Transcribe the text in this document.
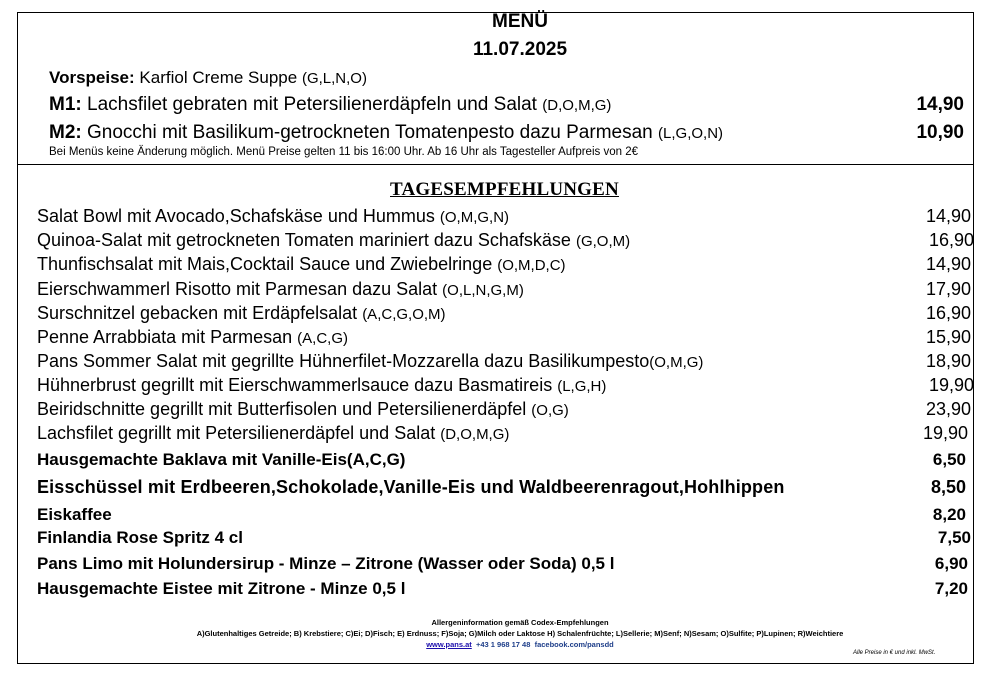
MENÜ
11.07.2025
Vorspeise: Karfiol Creme Suppe (G,L,N,O)
M1: Lachsfilet gebraten mit Petersilienerdäpfeln und Salat (D,O,M,G)	14,90
M2: Gnocchi mit Basilikum-getrockneten Tomatenpesto dazu Parmesan (L,G,O,N)	10,90
Bei Menüs keine Änderung möglich. Menü Preise gelten 11 bis 16:00 Uhr. Ab 16 Uhr als Tagesteller Aufpreis von 2€
TAGESEMPFEHLUNGEN
Salat Bowl mit Avocado,Schafskäse und Hummus (O,M,G,N)	14,90
Quinoa-Salat mit getrockneten Tomaten mariniert dazu Schafskäse (G,O,M)	16,90
Thunfischsalat mit Mais,Cocktail Sauce und Zwiebelringe (O,M,D,C)	14,90
Eierschwammerl Risotto mit Parmesan dazu Salat (O,L,N,G,M)	17,90
Surschnitzel gebacken mit Erdäpfelsalat (A,C,G,O,M)	16,90
Penne Arrabbiata mit Parmesan (A,C,G)	15,90
Pans Sommer Salat mit gegrillte Hühnerfilet-Mozzarella dazu Basilikumpesto(O,M,G)	18,90
Hühnerbrust gegrillt mit Eierschwammerlsauce dazu Basmatireis (L,G,H)	19,90
Beiridschnitte gegrillt mit Butterfisolen und Petersilienerdäpfel (O,G)	23,90
Lachsfilet gegrillt mit Petersilienerdäpfel und Salat (D,O,M,G)	19,90
Hausgemachte Baklava mit Vanille-Eis(A,C,G)	6,50
Eisschüssel mit Erdbeeren,Schokolade,Vanille-Eis und Waldbeerenragout,Hohlhippen	8,50
Eiskaffee	8,20
Finlandia Rose Spritz 4 cl	7,50
Pans Limo mit Holundersirup - Minze – Zitrone (Wasser oder Soda) 0,5 l	6,90
Hausgemachte Eistee mit Zitrone - Minze 0,5 l	7,20
Allergeninformation gemäß Codex-Empfehlungen
A)Glutenhaltiges Getreide; B) Krebstiere; C)Ei; D)Fisch; E) Erdnuss; F)Soja; G)Milch oder Laktose H) Schalenfrüchte; L)Sellerie; M)Senf; N)Sesam; O)Sulfite; P)Lupinen; R)Weichtiere
www.pans.at +43 1 968 17 48 facebook.com/pansdd
Alle Preise in € und inkl. MwSt.
